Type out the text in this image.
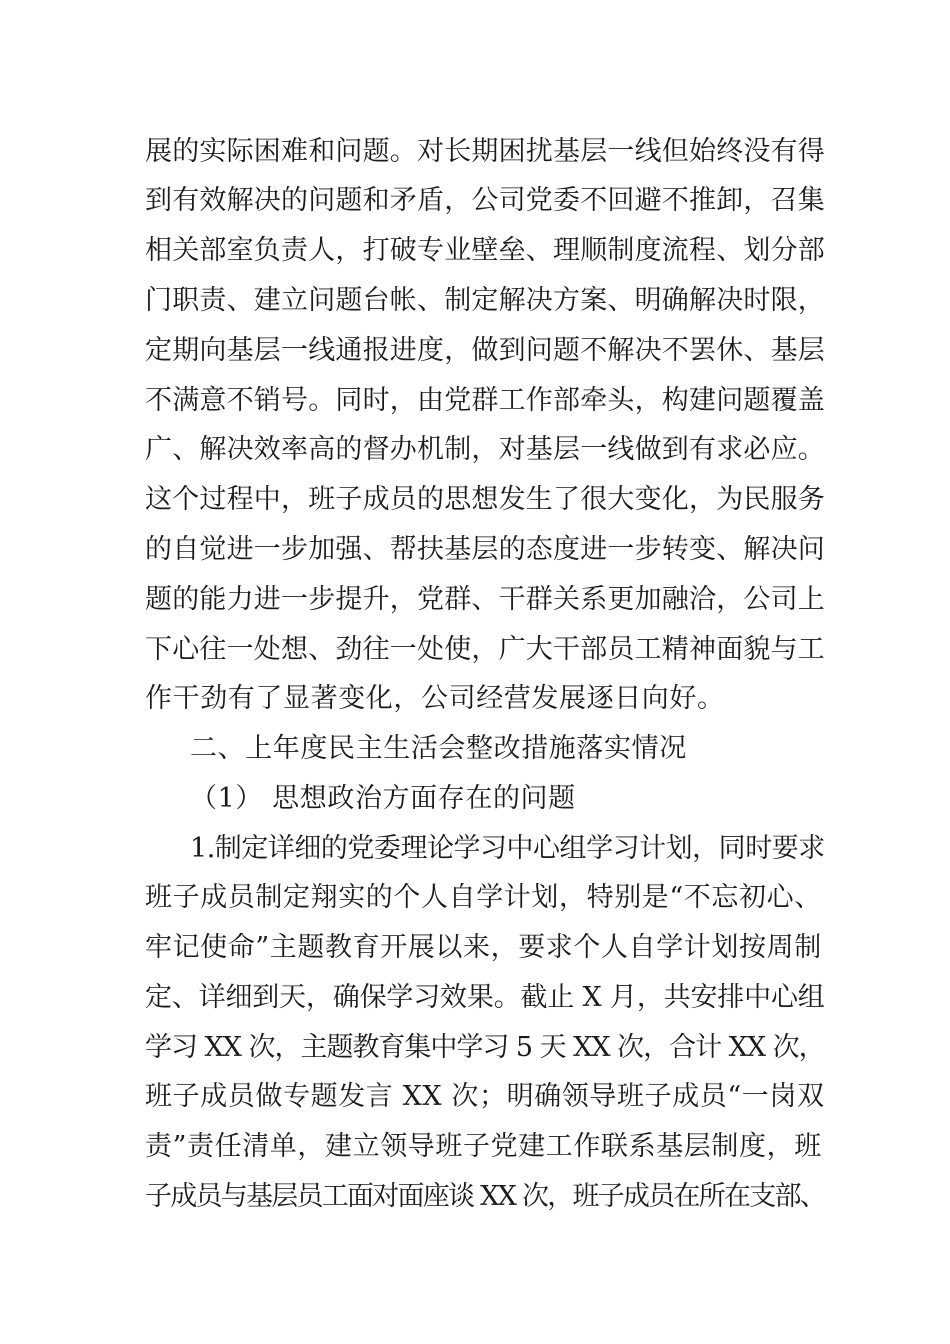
展的实际困难和问题。对长期困扰基层一线但始终没有得
到有效解决的问题和矛盾，公司党委不回避不推卸，召集
相关部室负责人，打破专业壁垒、理顺制度流程、划分部
门职责、建立问题台帐、制定解决方案、明确解决时限，
定期向基层一线通报进度，做到问题不解决不罢休、基层
不满意不销号。同时，由党群工作部牵头，构建问题覆盖
广、解决效率高的督办机制，对基层一线做到有求必应。
这个过程中，班子成员的思想发生了很大变化，为民服务
的自觉进一步加强、帮扶基层的态度进一步转变、解决问
题的能力进一步提升，党群、干群关系更加融洽，公司上
下心往一处想、劲往一处使，广大干部员工精神面貌与工
作干劲有了显著变化，公司经营发展逐日向好。
二、上年度民主生活会整改措施落实情况
（1） 思想政治方面存在的问题
1.制定详细的党委理论学习中心组学习计划，同时要求
班子成员制定翔实的个人自学计划，特别是“不忘初心、
牢记使命”主题教育开展以来，要求个人自学计划按周制
定、详细到天，确保学习效果。截止 X 月，共安排中心组
学习 XX 次，主题教育集中学习 5 天 XX 次，合计 XX 次，
班子成员做专题发言 XX 次；明确领导班子成员“一岗双
责”责任清单，建立领导班子党建工作联系基层制度，班
子成员与基层员工面对面座谈 XX 次，班子成员在所在支部、
